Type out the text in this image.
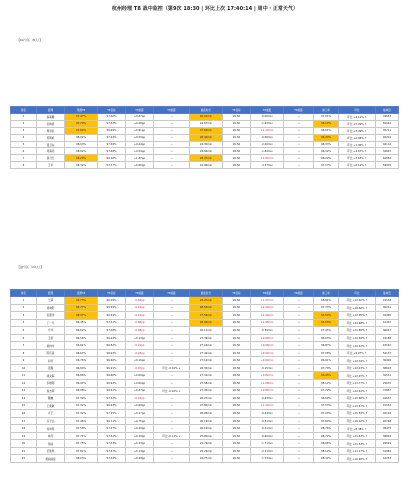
杭州经理 T8 战中监控（第9次 18:30 | 环比上次 17:40:14 | 周中・正常天气）
【KA分区（8人）】
排名	经理	预测T8	T8目标	T8差距	T8差距	截流时长	T8目标	T8差距	T8差距	参工率	环比	截单量
1	麻海鹏	97.47%	97.00%	+0.47pp	→	26.44min	26.50	-0.06min	→	97.01%	环比 +4.11% ↑	34653
2	张晓燕	97.70%	97.42%	+0.28pp	→	24.87min	26.50	-1.63min	→	96.19%	环比 +5.99% ↑	59344
3	周思恒	97.84%	96.99%	+0.91pp	→	27.62min	26.50	+1.12min	→	96.61%	环比 +3.99% ↑	35711
4	郑明艳	98.02%	97.43%	+0.59pp	→	26.44min	26.50	-0.06min	→	96.20%	环比 +4.98% ↑	40222
5	裴卫东	98.03%	97.59%	+0.44pp	→	24.30min	26.50	-2.20min	→	96.33%	环比 +1.96% ↑	46112
6	刘海涛	98.02%	97.48%	+0.54pp	→	24.66min	26.50	-1.84min	→	96.32%	环比 +4.67% ↑	34697
7	侯月红	96.29%	96.36%	+1.87pp	→	28.37min	26.50	+1.87min	→	98.22%	环比 +3.63% ↑	62852
8	王华	98.34%	97.77%	+0.66pp	→	22.96min	26.50	-3.57min	→	97.17%	环比 +0.10% ↑	59976
【战分区（24人）】
排名	经理	预测T8	T8目标	T8差距	T8差距	截流时长	T8目标	T8差距	T8差距	参工率	环比	截单量
1	王倩	95.73%	96.29%	-0.56pp	→	28.47min	26.50	+1.97min	→	98.81%	环比 +12.20% ↑	24158
2	刘晓阳	95.77%	95.99%	-0.22pp	→	28.53min	26.50	+2.03min	→	97.73%	环比 +18.60% ↑	30231
3	张嘉伟	96.37%	96.59%	-0.22pp	→	27.54min	26.50	+1.04min	→	94.50%	环比 +12.05% ↑	34495
4	丁一凡	96.35%	97.21%	-0.86pp	→	28.46min	26.50	+1.96min	→	94.58%	环比 +14.68% ↑	41307
5	方玲	96.62%	97.08%	-0.46pp	→	26.11min	26.50	-0.39min	→	97.45%	环比 +11.89% ↑	36047
6	王新	96.56%	96.44%	+0.13pp	→	27.39min	26.50	+0.89min	→	96.03%	环比 +14.69% ↑	42180
7	黄林华	96.61%	96.82%	-0.21pp	→	27.16min	26.50	+0.66min	→	96.87%	环比 +14.42% ↑	43142
8	陈庆昌	96.67%	96.93%	-0.26pp	→	27.42min	26.50	+0.92min	→	97.08%	环比 +9.97% ↑	52137
9	何雯	96.76%	96.60%	+0.16pp	→	27.14min	26.50	+0.64min	→	96.91%	环比 +12.34% ↑	30494
10	张璐	96.84%	96.91%	-0.07pp	环比 -0.10% ↓	26.35min	26.50	-0.15min	→	97.70%	环比 +10.43% ↑	36603
11	胡文海	96.86%	96.80%	+0.06pp	→	27.32min	26.50	+0.82min	→	96.45%	环比 +12.97% ↑	32531
12	李晓明	96.97%	96.92%	+0.06pp	→	27.58min	26.50	+1.08min	→	98.12%	环比 +13.77% ↑	25670
13	杨杰辉	96.98%	96.61%	+0.37pp	环比 -0.10% ↓	27.35min	26.50	+0.85min	→	97.72%	环比 +12.61% ↑	37857
14	魏巍	97.30%	97.52%	-0.22pp	→	26.07min	26.50	-0.43min	→	96.69%	环比 +13.90% ↑	42657
15	王素敏	97.32%	96.63%	+0.69pp	→	27.82min	26.50	+1.32min	→	97.53%	环比 +13.47% ↑	41154
16	卢艺	97.32%	97.15%	+0.17pp	→	26.06min	26.50	-0.44min	→	97.20%	环比 +15.55% ↑	40116
17	冯子言	97.46%	96.71%	+0.75pp	→	26.19min	26.50	-0.31min	→	97.60%	环比 +16.02% ↑	26748
18	何伟明	97.58%	97.27%	+0.30pp	→	26.19min	26.50	-0.31min	→	98.76%	环比 +8.38% ↑	38475
19	林涛	97.71%	97.31%	+0.39pp	环比 -0.11% ↓	25.90min	26.50	-0.60min	→	98.72%	环比 +11.43% ↑	36893
20	周丽	97.75%	97.43%	+0.33pp	→	24.79min	26.50	-1.71min	→	98.06%	环比 +11.53% ↑	29529
21	范欣欣	97.81%	97.67%	+0.14pp	→	24.29min	26.50	-2.21min	→	98.12%	环比 +11.17% ↑	31981
22	胡丽丽琼	98.03%	97.64%	+0.49pp	→	24.77min	26.50	-1.73min	→	98.32%	环比 +10.90% ↑	16253
